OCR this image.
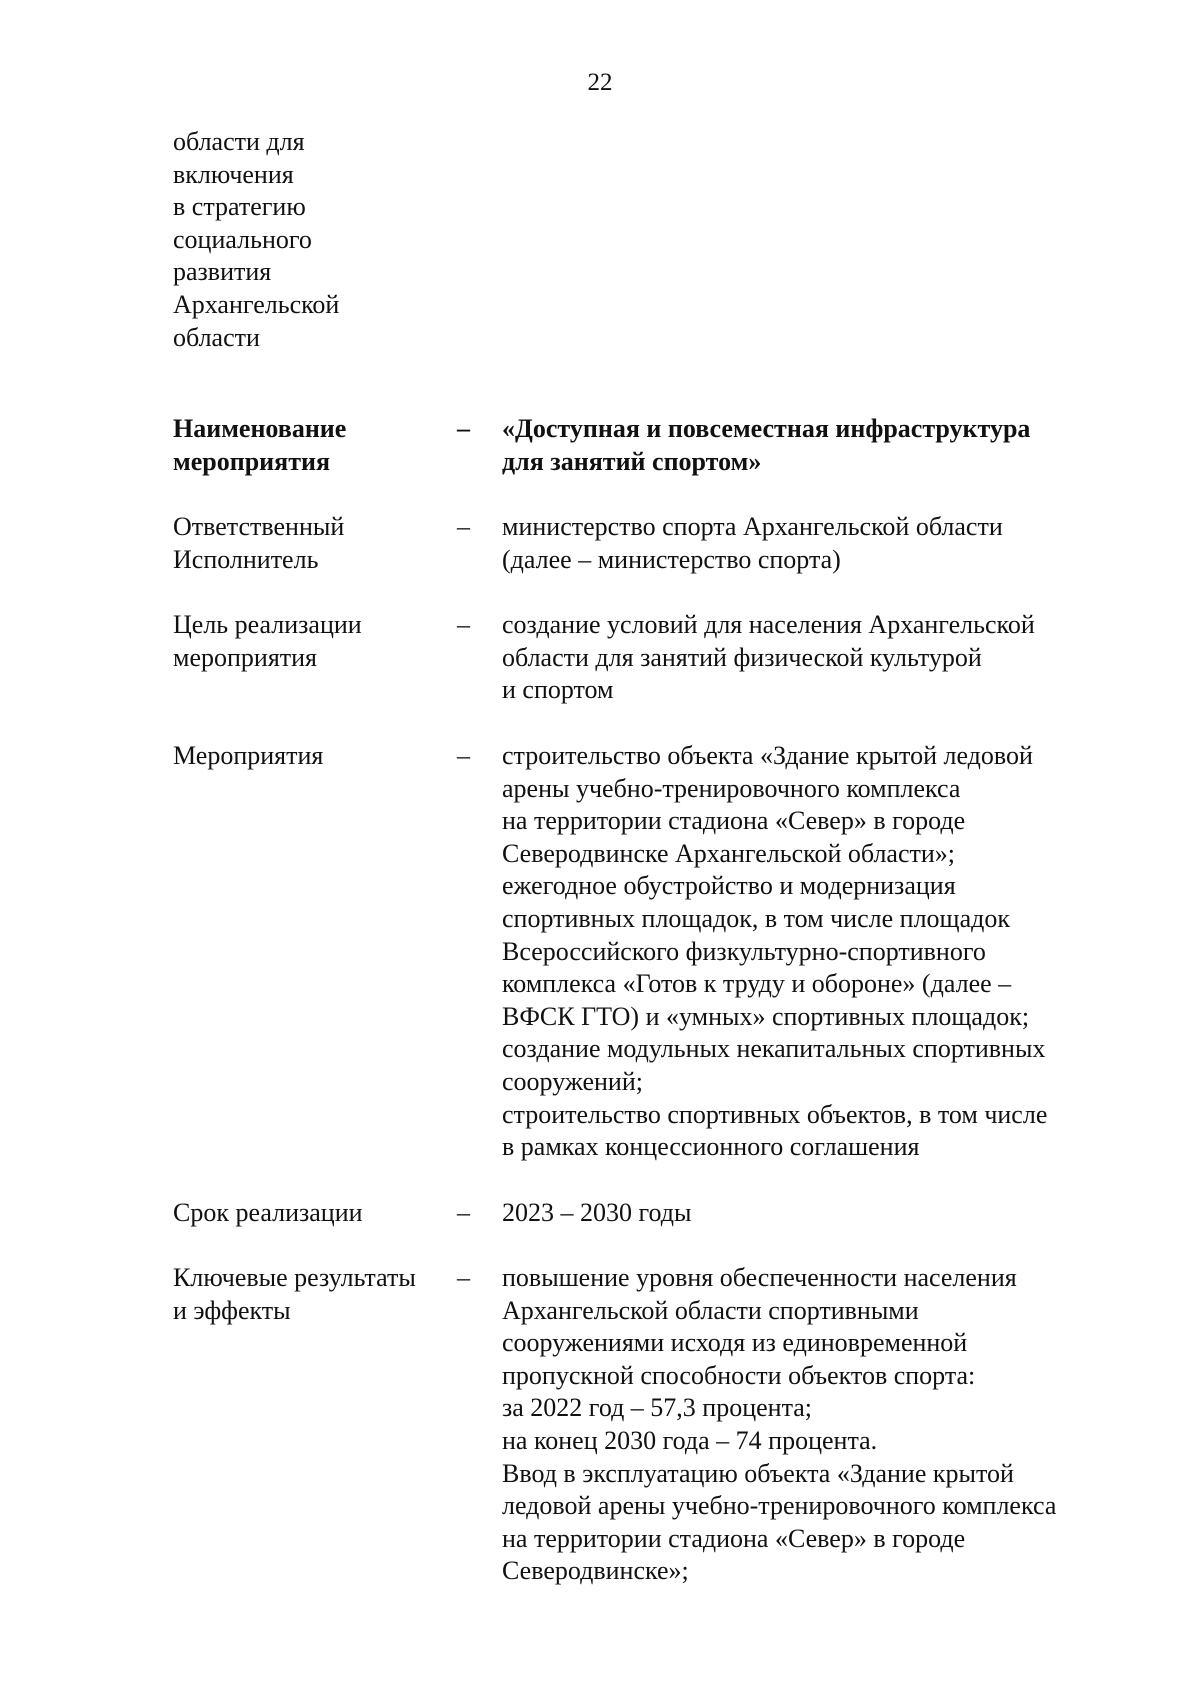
22
области для
включения
в стратегию
социального
развития
Архангельской
области
Наименование
мероприятия
– «Доступная и повсеместная инфраструктура
для занятий спортом»
Ответственный
Исполнитель
– министерство спорта Архангельской области
(далее – министерство спорта)
Цель реализации
мероприятия
– создание условий для населения Архангельской
области для занятий физической культурой
и спортом
Мероприятия	– строительство объекта «Здание крытой ледовой
арены учебно-тренировочного комплекса
на территории стадиона «Север» в городе
Северодвинске Архангельской области»;
ежегодное обустройство и модернизация
спортивных площадок, в том числе площадок
Всероссийского физкультурно-спортивного
комплекса «Готов к труду и обороне» (далее –
ВФСК ГТО) и «умных» спортивных площадок;
создание модульных некапитальных спортивных
сооружений;
строительство спортивных объектов, в том числе
в рамках концессионного соглашения
Срок реализации	– 2023 – 2030 годы
Ключевые результаты
и эффекты
– повышение уровня обеспеченности населения
Архангельской области спортивными
сооружениями исходя из единовременной
пропускной способности объектов спорта:
за 2022 год – 57,3 процента;
на конец 2030 года – 74 процента.
Ввод в эксплуатацию объекта «Здание крытой
ледовой арены учебно-тренировочного комплекса
на территории стадиона «Север» в городе
Северодвинске»;
